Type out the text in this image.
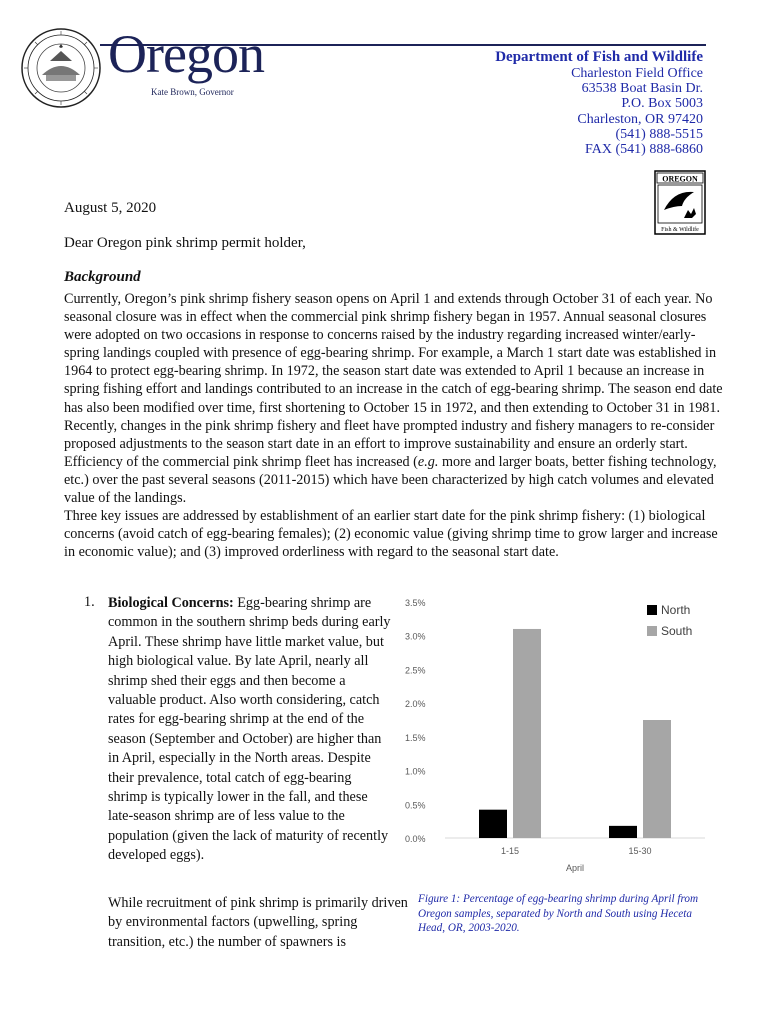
Oregon
Kate Brown, Governor
Department of Fish and Wildlife
Charleston Field Office
63538 Boat Basin Dr.
P.O. Box 5003
Charleston, OR 97420
(541) 888-5515
FAX (541) 888-6860
OREGON
Fish & Wildlife
August 5, 2020
Dear Oregon pink shrimp permit holder,
Background

Currently, Oregon’s pink shrimp fishery season opens on April 1 and extends through October 31 of each year. No seasonal closure was in effect when the commercial pink shrimp fishery began in 1957. Annual seasonal closures were adopted on two occasions in response to concerns raised by the industry regarding increased winter/early-spring landings coupled with presence of egg-bearing shrimp. For example, a March 1 start date was established in 1964 to protect egg-bearing shrimp. In 1972, the season start date was extended to April 1 because an increase in spring fishing effort and landings contributed to an increase in the catch of egg-bearing shrimp. The season end date has also been modified over time, first shortening to October 15 in 1972, and then extending to October 31 in 1981.

Recently, changes in the pink shrimp fishery and fleet have prompted industry and fishery managers to re-consider proposed adjustments to the season start date in an effort to improve sustainability and ensure an orderly start. Efficiency of the commercial pink shrimp fleet has increased (e.g. more and larger boats, better fishing technology, etc.) over the past several seasons (2011-2015) which have been characterized by high catch volumes and elevated value of the landings.

Three key issues are addressed by establishment of an earlier start date for the pink shrimp fishery: (1) biological concerns (avoid catch of egg-bearing females); (2) economic value (giving shrimp time to grow larger and increase in economic value); and (3) improved orderliness with regard to the seasonal start date.

1. Biological Concerns: Egg-bearing shrimp are common in the southern shrimp beds during early April. These shrimp have little market value, but high biological value. By late April, nearly all shrimp shed their eggs and then become a valuable product. Also worth considering, catch rates for egg-bearing shrimp at the end of the season (September and October) are higher than in April, especially in the North areas. Despite their prevalence, total catch of egg-bearing shrimp is typically lower in the fall, and these late-season shrimp are of less value to the population (given the lack of maturity of recently developed eggs).
While recruitment of pink shrimp is primarily driven by environmental factors (upwelling, spring transition, etc.) the number of spawners is
0.0%
0.5%
1.0%
1.5%
2.0%
2.5%
3.0%
3.5%
1-15	15-30
April
North
South
Figure 1: Percentage of egg-bearing shrimp during April from Oregon samples, separated by North and South using Heceta Head, OR, 2003-2020.
